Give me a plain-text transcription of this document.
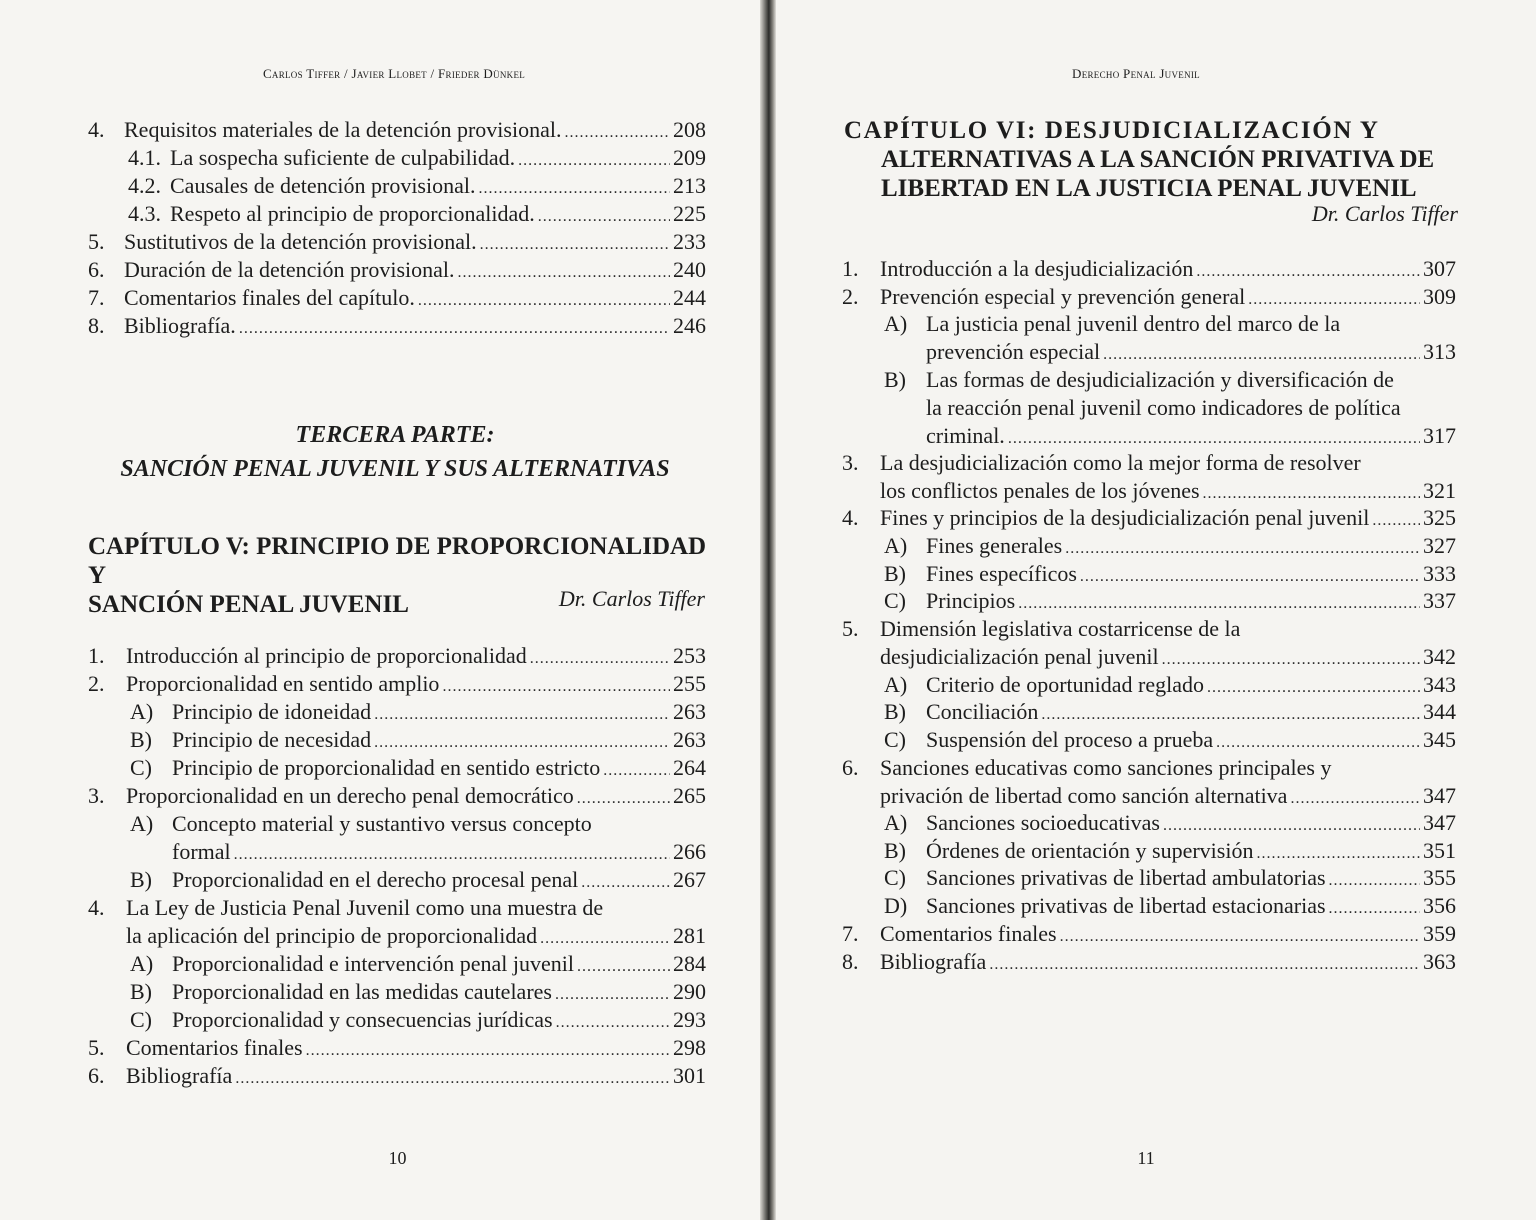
Carlos Tiffer / Javier Llobet / Frieder Dünkel
4. Requisitos materiales de la detención provisional. .....	208
4.1. La sospecha suficiente de culpabilidad. .....	209
4.2. Causales de detención provisional. .....	213
4.3. Respeto al principio de proporcionalidad. .....	225
5. Sustitutivos de la detención provisional. .....	233
6. Duración de la detención provisional. .....	240
7. Comentarios finales del capítulo. .....	244
8. Bibliografía. .....	246
TERCERA PARTE:
SANCIÓN PENAL JUVENIL Y SUS ALTERNATIVAS
CAPÍTULO V: PRINCIPIO DE PROPORCIONALIDAD Y
SANCIÓN PENAL JUVENIL	Dr. Carlos Tiffer
1. Introducción al principio de proporcionalidad .....	253
2. Proporcionalidad en sentido amplio .....	255
A) Principio de idoneidad .....	263
B) Principio de necesidad .....	263
C) Principio de proporcionalidad en sentido estricto .....	264
3. Proporcionalidad en un derecho penal democrático .....	265
A) Concepto material y sustantivo versus concepto
formal .....	266
B) Proporcionalidad en el derecho procesal penal .....	267
4. La Ley de Justicia Penal Juvenil como una muestra de
la aplicación del principio de proporcionalidad .....	281
A) Proporcionalidad e intervención penal juvenil .....	284
B) Proporcionalidad en las medidas cautelares .....	290
C) Proporcionalidad y consecuencias jurídicas .....	293
5. Comentarios finales .....	298
6. Bibliografía .....	301
10
Derecho Penal Juvenil
CAPÍTULO VI: DESJUDICIALIZACIÓN Y
ALTERNATIVAS A LA SANCIÓN PRIVATIVA DE
LIBERTAD EN LA JUSTICIA PENAL JUVENIL
Dr. Carlos Tiffer
1. Introducción a la desjudicialización .....	307
2. Prevención especial y prevención general .....	309
A) La justicia penal juvenil dentro del marco de la
prevención especial .....	313
B) Las formas de desjudicialización y diversificación de
la reacción penal juvenil como indicadores de política
criminal. .....	317
3. La desjudicialización como la mejor forma de resolver
los conflictos penales de los jóvenes .....	321
4. Fines y principios de la desjudicialización penal juvenil ..... 325
A) Fines generales .....	327
B) Fines específicos .....	333
C) Principios .....	337
5. Dimensión legislativa costarricense de la
desjudicialización penal juvenil .....	342
A) Criterio de oportunidad reglado .....	343
B) Conciliación .....	344
C) Suspensión del proceso a prueba .....	345
6. Sanciones educativas como sanciones principales y
privación de libertad como sanción alternativa .....	347
A) Sanciones socioeducativas .....	347
B) Órdenes de orientación y supervisión .....	351
C) Sanciones privativas de libertad ambulatorias .....	355
D) Sanciones privativas de libertad estacionarias .....	356
7. Comentarios finales .....	359
8. Bibliografía .....	363
11
